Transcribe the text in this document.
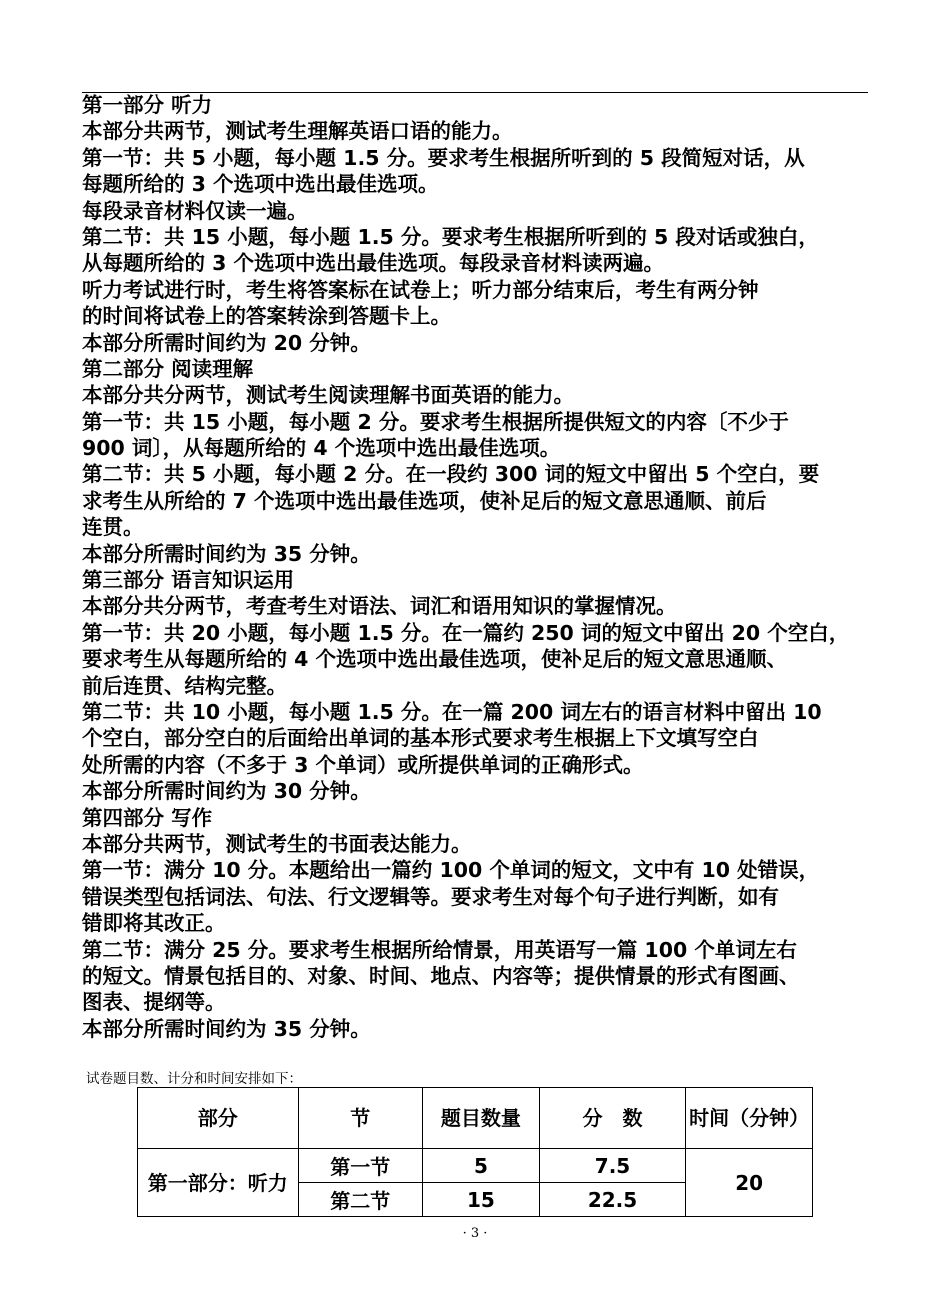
第一部分 听力
本部分共两节，测试考生理解英语口语的能力。
第一节：共 5 小题，每小题 1.5 分。要求考生根据所听到的 5 段简短对话，从
每题所给的 3 个选项中选出最佳选项。
每段录音材料仅读一遍。
第二节：共 15 小题，每小题 1.5 分。要求考生根据所听到的 5 段对话或独白，
从每题所给的 3 个选项中选出最佳选项。每段录音材料读两遍。
听力考试进行时，考生将答案标在试卷上；听力部分结束后，考生有两分钟
的时间将试卷上的答案转涂到答题卡上。
本部分所需时间约为 20 分钟。
第二部分 阅读理解
本部分共分两节，测试考生阅读理解书面英语的能力。
第一节：共 15 小题，每小题 2 分。要求考生根据所提供短文的内容〔不少于
900 词〕，从每题所给的 4 个选项中选出最佳选项。
第二节：共 5 小题，每小题 2 分。在一段约 300 词的短文中留出 5 个空白，要
求考生从所给的 7 个选项中选出最佳选项，使补足后的短文意思通顺、前后
连贯。
本部分所需时间约为 35 分钟。
第三部分 语言知识运用
本部分共分两节，考查考生对语法、词汇和语用知识的掌握情况。
第一节：共 20 小题，每小题 1.5 分。在一篇约 250 词的短文中留出 20 个空白，
要求考生从每题所给的 4 个选项中选出最佳选项，使补足后的短文意思通顺、
前后连贯、结构完整。
第二节：共 10 小题，每小题 1.5 分。在一篇 200 词左右的语言材料中留出 10
个空白，部分空白的后面给出单词的基本形式要求考生根据上下文填写空白
处所需的内容（不多于 3 个单词）或所提供单词的正确形式。
本部分所需时间约为 30 分钟。
第四部分 写作
本部分共两节，测试考生的书面表达能力。
第一节：满分 10 分。本题给出一篇约 100 个单词的短文，文中有 10 处错误，
错误类型包括词法、句法、行文逻辑等。要求考生对每个句子进行判断，如有
错即将其改正。
第二节：满分 25 分。要求考生根据所给情景，用英语写一篇 100 个单词左右
的短文。情景包括目的、对象、时间、地点、内容等；提供情景的形式有图画、
图表、提纲等。
本部分所需时间约为 35 分钟。
试卷题目数、计分和时间安排如下：
部分	节	题目数量	分　数	时间（分钟）
第一部分：听力	第一节	5	7.5	20
	第二节	15	22.5	
· 3 ·
